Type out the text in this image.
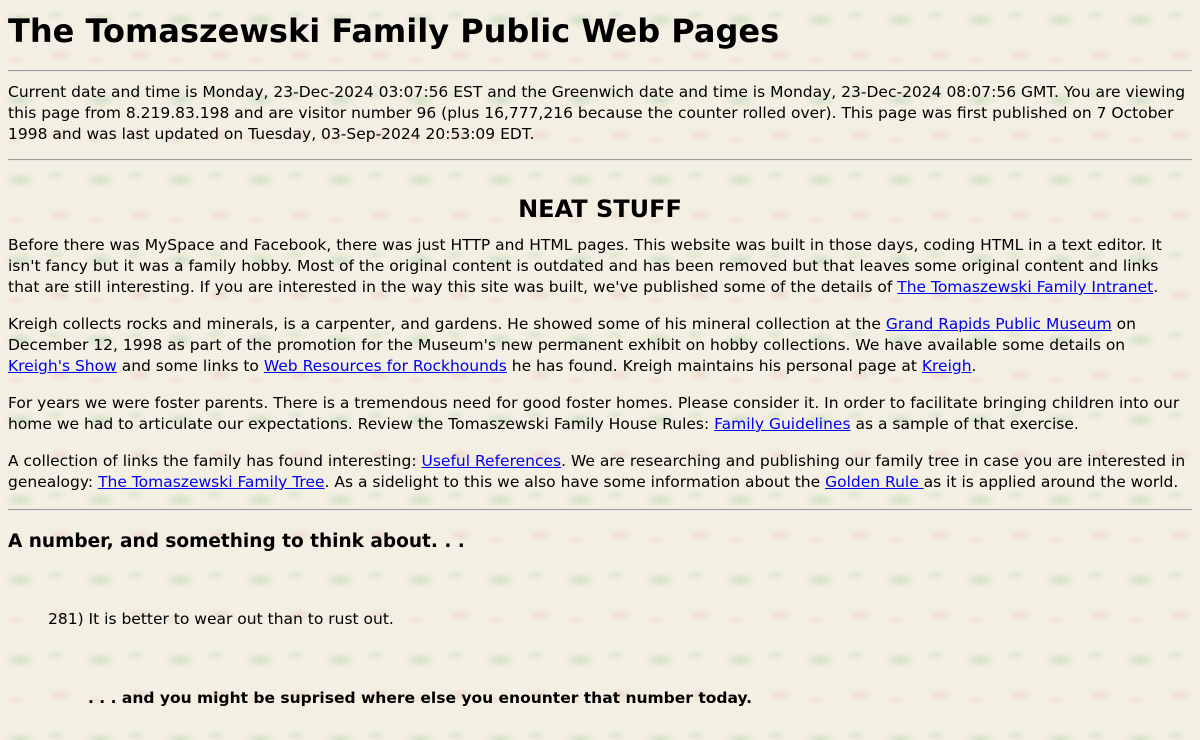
The Tomaszewski Family Public Web Pages
Current date and time is Monday, 23-Dec-2024 03:07:56 EST and the Greenwich date and time is Monday, 23-Dec-2024 08:07:56 GMT. You are viewing this page from 8.219.83.198 and are visitor number 96 (plus 16,777,216 because the counter rolled over). This page was first published on 7 October 1998 and was last updated on Tuesday, 03-Sep-2024 20:53:09 EDT.
NEAT STUFF

Before there was MySpace and Facebook, there was just HTTP and HTML pages. This website was built in those days, coding HTML in a text editor. It isn't fancy but it was a family hobby. Most of the original content is outdated and has been removed but that leaves some original content and links that are still interesting. If you are interested in the way this site was built, we've published some of the details of The Tomaszewski Family Intranet.

Kreigh collects rocks and minerals, is a carpenter, and gardens. He showed some of his mineral collection at the Grand Rapids Public Museum on December 12, 1998 as part of the promotion for the Museum's new permanent exhibit on hobby collections. We have available some details on Kreigh's Show and some links to Web Resources for Rockhounds he has found. Kreigh maintains his personal page at Kreigh.

For years we were foster parents. There is a tremendous need for good foster homes. Please consider it. In order to facilitate bringing children into our home we had to articulate our expectations. Review the Tomaszewski Family House Rules: Family Guidelines as a sample of that exercise.

A collection of links the family has found interesting: Useful References. We are researching and publishing our family tree in case you are interested in genealogy: The Tomaszewski Family Tree. As a sidelight to this we also have some information about the Golden Rule as it is applied around the world.

A number, and something to think about. . .
281) It is better to wear out than to rust out.
. . . and you might be suprised where else you enounter that number today.
